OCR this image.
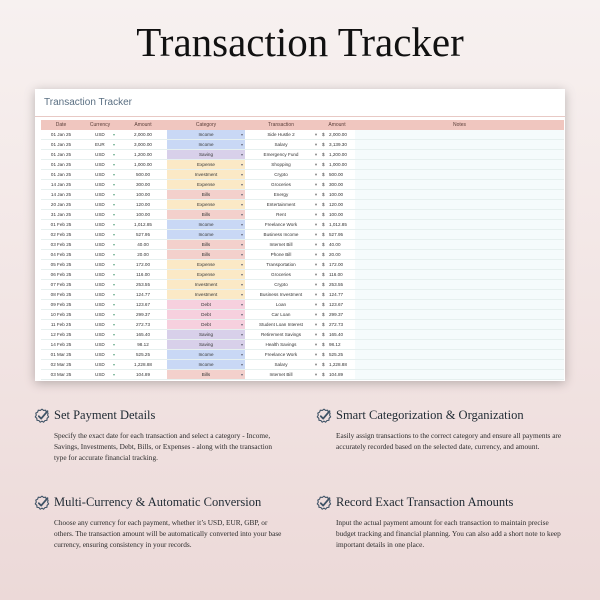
Transaction Tracker
Transaction Tracker
Date	Currency	Amount	Category	Transaction	Amount	Notes
01 Jan 25	USD ▾	2,000.00	Income	▾	Side Hustle 2	▾	$ 2,000.00
01 Jan 25	EUR ▾	3,000.00	Income	▾	Salary	▾	$ 3,139.30
01 Jan 25	USD ▾	1,200.00	Saving	▾	Emergency Fund	▾	$ 1,200.00
01 Jan 25	USD ▾	1,000.00	Expense	▾	Shopping	▾	$ 1,000.00
01 Jan 25	USD ▾	500.00	Investment	▾	Crypto	▾	$ 500.00
14 Jan 25	USD ▾	300.00	Expense	▾	Groceries	▾	$ 300.00
14 Jan 25	USD ▾	100.00	Bills	▾	Energy	▾	$ 100.00
20 Jan 25	USD ▾	120.00	Expense	▾	Entertainment	▾	$ 120.00
31 Jan 25	USD ▾	100.00	Bills	▾	Rent	▾	$ 100.00
01 Feb 25	USD ▾	1,012.85	Income	▾	Freelance Work	▾	$ 1,012.85
02 Feb 25	USD ▾	527.95	Income	▾	Business Income	▾	$ 527.95
03 Feb 25	USD ▾	40.00	Bills	▾	Internet Bill	▾	$ 40.00
04 Feb 25	USD ▾	20.00	Bills	▾	Phone Bill	▾	$ 20.00
05 Feb 25	USD ▾	172.00	Expense	▾	Transportation	▾	$ 172.00
06 Feb 25	USD ▾	116.00	Expense	▾	Groceries	▾	$ 116.00
07 Feb 25	USD ▾	253.55	Investment	▾	Crypto	▾	$ 253.55
08 Feb 25	USD ▾	124.77	Investment	▾	Business Investment	▾	$ 124.77
09 Feb 25	USD ▾	123.67	Debt	▾	Loan	▾	$ 123.67
10 Feb 25	USD ▾	299.37	Debt	▾	Car Loan	▾	$ 299.37
11 Feb 25	USD ▾	272.73	Debt	▾	Student Loan Interest	▾	$ 272.73
12 Feb 25	USD ▾	165.40	Saving	▾	Retirement Savings	▾	$ 165.40
14 Feb 25	USD ▾	98.12	Saving	▾	Health Savings	▾	$ 98.12
01 Mar 25	USD ▾	525.25	Income	▾	Freelance Work	▾	$ 525.25
02 Mar 25	USD ▾	1,228.88	Income	▾	Salary	▾	$ 1,228.88
03 Mar 25	USD ▾	104.89	Bills	▾	Internet Bill	▾	$ 104.89
Set Payment Details
Specify the exact date for each transaction and select a category - Income, Savings, Investments, Debt, Bills, or Expenses - along with the transaction type for accurate financial tracking.
Smart Categorization & Organization
Easily assign transactions to the correct category and ensure all payments are accurately recorded based on the selected date, currency, and amount.
Multi-Currency & Automatic Conversion
Choose any currency for each payment, whether it’s USD, EUR, GBP, or others. The transaction amount will be automatically converted into your base currency, ensuring consistency in your records.
Record Exact Transaction Amounts
Input the actual payment amount for each transaction to maintain precise budget tracking and financial planning. You can also add a short note to keep important details in one place.
